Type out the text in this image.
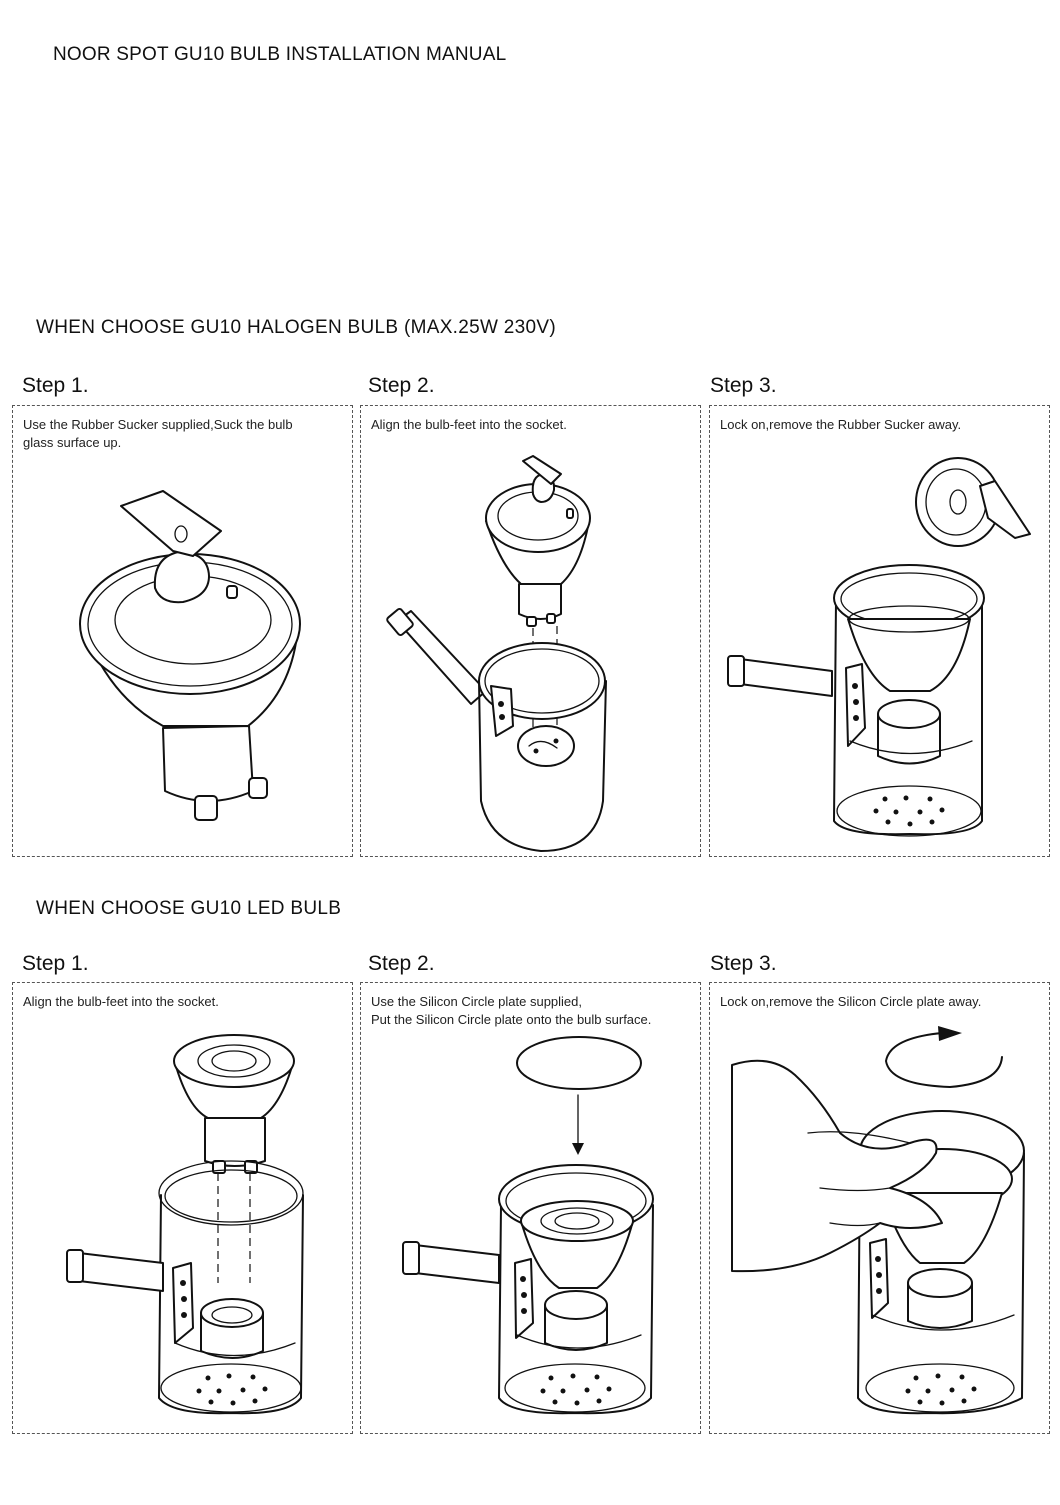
NOOR SPOT GU10 BULB INSTALLATION MANUAL
WHEN CHOOSE GU10 HALOGEN BULB (MAX.25W 230V)
Step 1.	Step 2.	Step 3.
Use the Rubber Sucker supplied,Suck the bulb
glass surface up.
Align the bulb-feet into the socket.	Lock on,remove the Rubber Sucker away.
WHEN CHOOSE GU10 LED BULB
Step 1.	Step 2.	Step 3.
Align the bulb-feet into the socket.	Use the Silicon Circle plate supplied,
Put the Silicon Circle plate onto the bulb surface.
Lock on,remove the Silicon Circle plate away.
